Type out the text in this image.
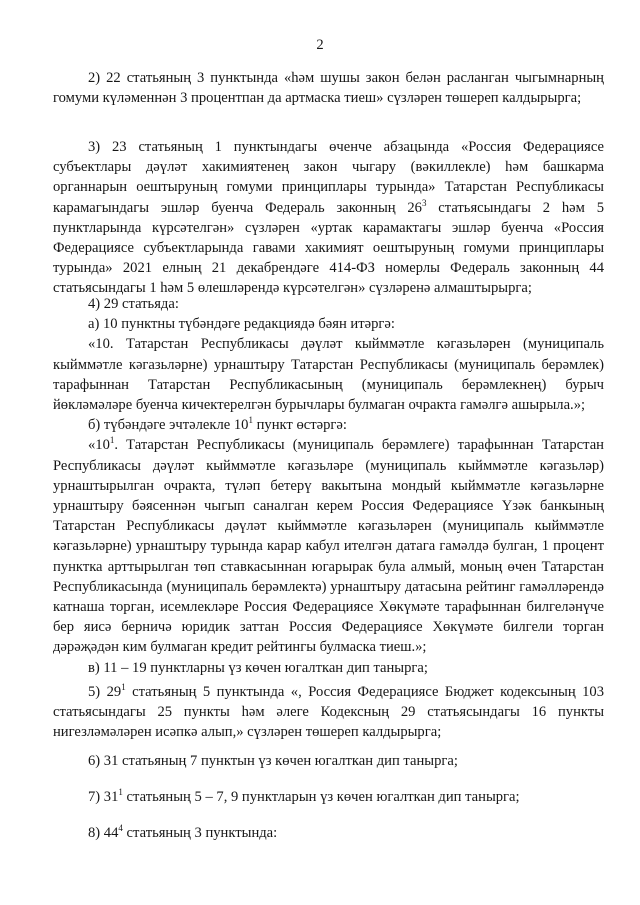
2

2) 22 статьяның 3 пунктында «һәм шушы закон белән расланган чыгымнарның гомуми күләменнән 3 процентпан да артмаска тиеш» сүзләрен төшереп калдырырга;

3) 23 статьяның 1 пунктындагы өченче абзацында «Россия Федерациясе субъектлары дәүләт хакимиятенең закон чыгару (вәкиллекле) һәм башкарма органнарын оештыруның гомуми принциплары турында» Татарстан Республикасы карамагындагы эшләр буенча Федераль законның $26^3$ статьясындагы 2 һәм 5 пунктларында күрсәтелгән» сүзләрен «уртак карамактагы эшләр буенча «Россия Федерациясе субъектларында гавами хакимият оештыруның гомуми принциплары турында» 2021 елның 21 декабрендәге 414-ФЗ номерлы Федераль законның 44 статьясындагы 1 һәм 5 өлешләрендә күрсәтелгән» сүзләренә алмаштырырга;

4) 29 статьяда:

а) 10 пунктны түбәндәге редакциядә бәян итәргә:

«10. Татарстан Республикасы дәүләт кыйммәтле кәгазьләрен (муниципаль кыйммәтле кәгазьләрне) урнаштыру Татарстан Республикасы (муниципаль берәмлек) тарафыннан Татарстан Республикасының (муниципаль берәмлекнең) бурыч йөкләмәләре буенча кичектерелгән бурычлары булмаган очракта гамәлгә ашырыла.»;

б) түбәндәге эчтәлекле $10^1$ пункт өстәргә:

«$10^1$. Татарстан Республикасы (муниципаль берәмлеге) тарафыннан Татарстан Республикасы дәүләт кыйммәтле кәгазьләре (муниципаль кыйммәтле кәгазьләр) урнаштырылган очракта, түләп бетерү вакытына мондый кыйммәтле кәгазьләрне урнаштыру бәясеннән чыгып саналган керем Россия Федерациясе Үзәк банкының Татарстан Республикасы дәүләт кыйммәтле кәгазьләрен (муниципаль кыйммәтле кәгазьләрне) урнаштыру турында карар кабул ителгән датага гамәлдә булган, 1 процент пунктка арттырылган төп ставкасыннан югарырак була алмый, моның өчен Татарстан Республикасында (муниципаль берәмлектә) урнаштыру датасына рейтинг гамәлләрендә катнаша торган, исемлекләре Россия Федерациясе Хөкүмәте тарафыннан билгеләнүче бер яисә берничә юридик заттан Россия Федерациясе Хөкүмәте билгели торган дәрәҗәдән ким булмаган кредит рейтингы булмаска тиеш.»;

в) 11 – 19 пунктларны үз көчен югалткан дип танырга;

5) $29^1$ статьяның 5 пунктында «, Россия Федерациясе Бюджет кодексының 103 статьясындагы 25 пункты һәм әлеге Кодексның 29 статьясындагы 16 пункты нигезләмәләрен исәпкә алып,» сүзләрен төшереп калдырырга;

6) 31 статьяның 7 пунктын үз көчен югалткан дип танырга;

7) $31^1$ статьяның 5 – 7, 9 пунктларын үз көчен югалткан дип танырга;

8) $44^4$ статьяның 3 пунктында:
